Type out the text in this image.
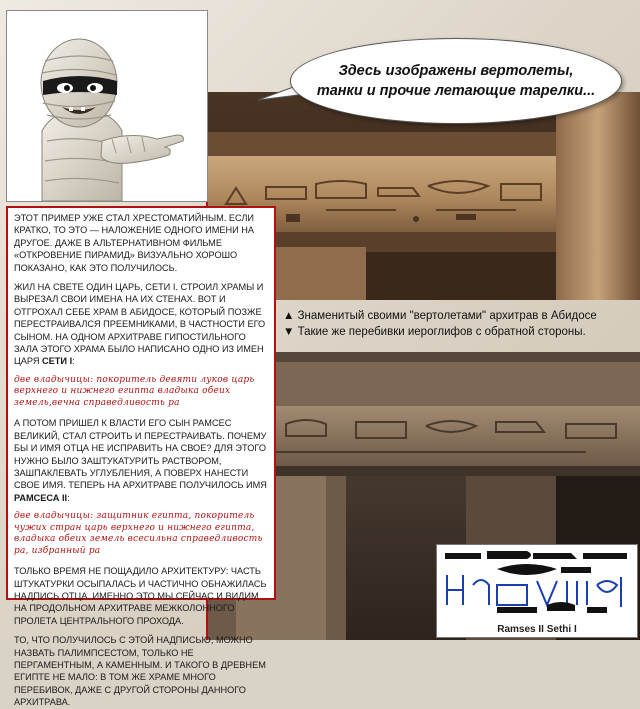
Здесь изображены вертолеты,
танки и прочие летающие тарелки...

ЭТОТ ПРИМЕР УЖЕ СТАЛ ХРЕСТОМАТИЙНЫМ. ЕСЛИ КРАТКО, ТО ЭТО — НАЛОЖЕНИЕ ОДНОГО ИМЕНИ НА ДРУГОЕ. ДАЖЕ В АЛЬТЕРНАТИВНОМ ФИЛЬМЕ «ОТКРОВЕНИЕ ПИРАМИД» ВИЗУАЛЬНО ХОРОШО ПОКАЗАНО, КАК ЭТО ПОЛУЧИЛОСЬ.

ЖИЛ НА СВЕТЕ ОДИН ЦАРЬ, СЕТИ I. СТРОИЛ ХРАМЫ И ВЫРЕЗАЛ СВОИ ИМЕНА НА ИХ СТЕНАХ. ВОТ И ОТГРОХАЛ СЕБЕ ХРАМ В АБИДОСЕ, КОТОРЫЙ ПОЗЖЕ ПЕРЕСТРАИВАЛСЯ ПРЕЕМНИКАМИ, В ЧАСТНОСТИ ЕГО СЫНОМ. НА ОДНОМ АРХИТРАВЕ ГИПОСТИЛЬНОГО ЗАЛА ЭТОГО ХРАМА БЫЛО НАПИСАНО ОДНО ИЗ ИМЕН ЦАРЯ СЕТИ I:

две владычицы: покоритель девяти луков царь верхнего и нижнего египта владыка обеих земель,вечна справедливость ра

А ПОТОМ ПРИШЕЛ К ВЛАСТИ ЕГО СЫН РАМСЕС ВЕЛИКИЙ, СТАЛ СТРОИТЬ И ПЕРЕСТРАИВАТЬ. ПОЧЕМУ БЫ И ИМЯ ОТЦА НЕ ИСПРАВИТЬ НА СВОЕ? ДЛЯ ЭТОГО НУЖНО БЫЛО ЗАШТУКАТУРИТЬ РАСТВОРОМ, ЗАШПАКЛЕВАТЬ УГЛУБЛЕНИЯ, А ПОВЕРХ НАНЕСТИ СВОЕ ИМЯ. ТЕПЕРЬ НА АРХИТРАВЕ ПОЛУЧИЛОСЬ ИМЯ РАМСЕСА II:

две владычицы: защитник египта, покоритель чужих стран царь верхнего и нижнего египта, владыка обеих земель всесильна справедливость ра, избранный ра

ТОЛЬКО ВРЕМЯ НЕ ПОЩАДИЛО АРХИТЕКТУРУ: ЧАСТЬ ШТУКАТУРКИ ОСЫПАЛАСЬ И ЧАСТИЧНО ОБНАЖИЛАСЬ НАДПИСЬ ОТЦА. ИМЕННО ЭТО МЫ СЕЙЧАС И ВИДИМ НА ПРОДОЛЬНОМ АРХИТРАВЕ МЕЖКОЛОННОГО ПРОЛЕТА ЦЕНТРАЛЬНОГО ПРОХОДА.

ТО, ЧТО ПОЛУЧИЛОСЬ С ЭТОЙ НАДПИСЬЮ, МОЖНО НАЗВАТЬ ПАЛИМПСЕСТОМ, ТОЛЬКО НЕ ПЕРГАМЕНТНЫМ, А КАМЕННЫМ. И ТАКОГО В ДРЕВНЕМ ЕГИПТЕ НЕ МАЛО: В ТОМ ЖЕ ХРАМЕ МНОГО ПЕРЕБИВОК, ДАЖЕ С ДРУГОЙ СТОРОНЫ ДАННОГО АРХИТРАВА.

▲ Знаменитый своими "вертолетами" архитрав в Абидосе
▼ Такие же перебивки иероглифов с обратной стороны.
Ramses II Sethi I
